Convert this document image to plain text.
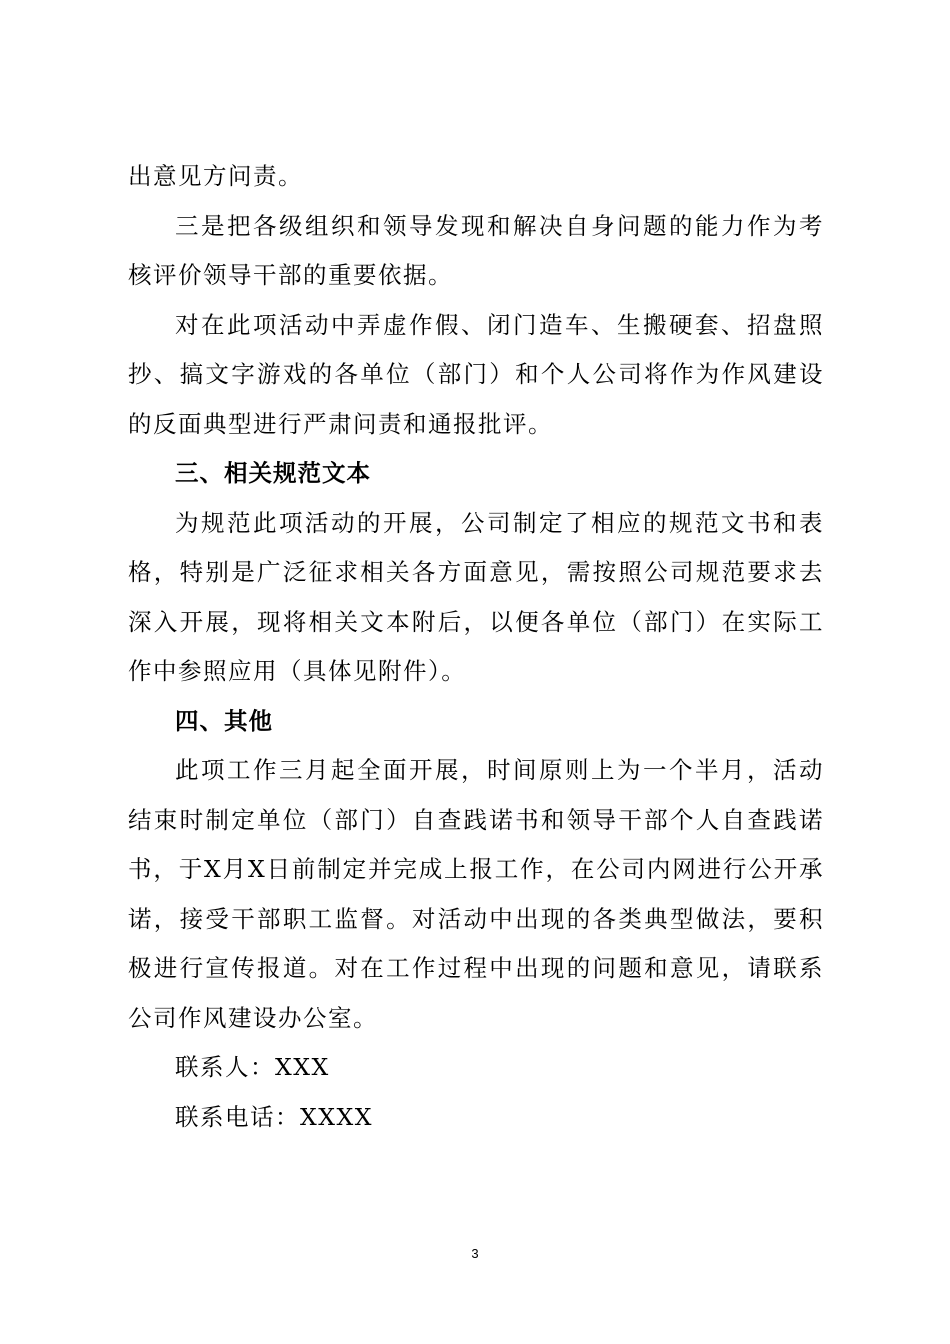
出意见方问责。

三是把各级组织和领导发现和解决自身问题的能力作为考核评价领导干部的重要依据。

对在此项活动中弄虚作假、闭门造车、生搬硬套、招盘照抄、搞文字游戏的各单位（部门）和个人公司将作为作风建设的反面典型进行严肃问责和通报批评。

三、相关规范文本

为规范此项活动的开展，公司制定了相应的规范文书和表格，特别是广泛征求相关各方面意见，需按照公司规范要求去深入开展，现将相关文本附后，以便各单位（部门）在实际工作中参照应用（具体见附件）。

四、其他

此项工作三月起全面开展，时间原则上为一个半月，活动结束时制定单位（部门）自查践诺书和领导干部个人自查践诺书，于X月X日前制定并完成上报工作，在公司内网进行公开承诺，接受干部职工监督。对活动中出现的各类典型做法，要积极进行宣传报道。对在工作过程中出现的问题和意见，请联系公司作风建设办公室。

联系人：XXX

联系电话：XXXX

3
